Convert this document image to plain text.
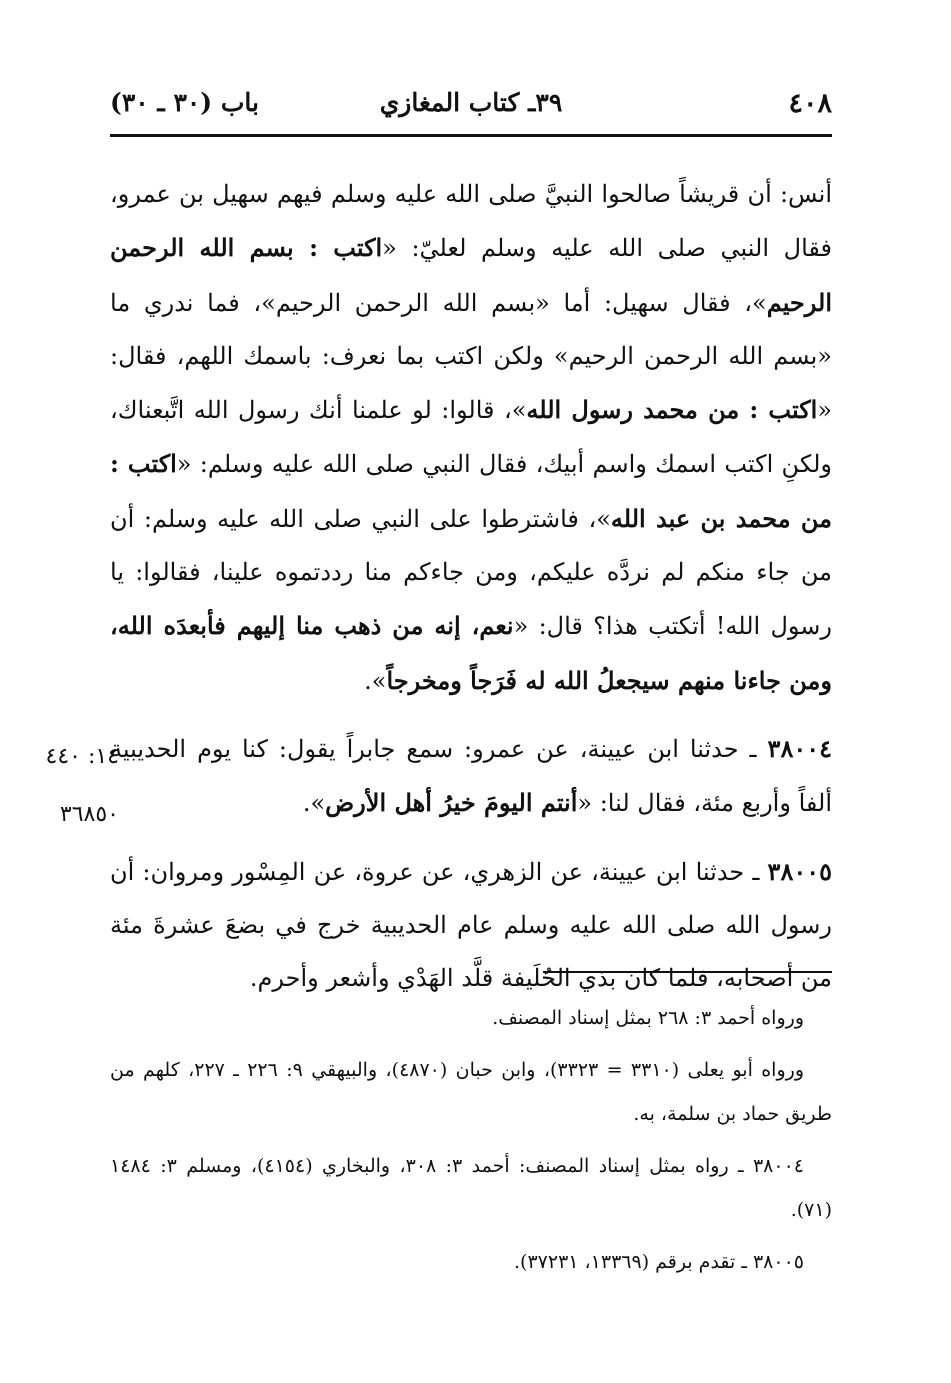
٤٠٨
٣٩ـ كتاب المغازي
باب (٣٠ ـ ٣٠)

أنس: أن قريشاً صالحوا النبيَّ صلى الله عليه وسلم فيهم سهيل بن عمرو، فقال النبي صلى الله عليه وسلم لعليّ: «اكتب : بسم الله الرحمن الرحيم»، فقال سهيل: أما «بسم الله الرحمن الرحيم»، فما ندري ما «بسم الله الرحمن الرحيم» ولكن اكتب بما نعرف: باسمك اللهم، فقال: «اكتب : من محمد رسول الله»، قالوا: لو علمنا أنك رسول الله اتَّبعناك، ولكنِ اكتب اسمك واسم أبيك، فقال النبي صلى الله عليه وسلم: «اكتب : من محمد بن عبد الله»، فاشترطوا على النبي صلى الله عليه وسلم: أن من جاء منكم لم نردَّه عليكم، ومن جاءكم منا رددتموه علينا، فقالوا: يا رسول الله! أتكتب هذا؟ قال: «نعم، إنه من ذهب منا إليهم فأبعدَه الله، ومن جاءنا منهم سيجعلُ الله له فَرَجاً ومخرجاً».

٣٨٠٠٤ ـ حدثنا ابن عيينة، عن عمرو: سمع جابراً يقول: كنا يوم الحديبية ألفاً وأربع مئة، فقال لنا: «أنتم اليومَ خيرُ أهل الأرض».

٣٨٠٠٥ ـ حدثنا ابن عيينة، عن الزهري، عن عروة، عن المِسْور ومروان: أن رسول الله صلى الله عليه وسلم عام الحديبية خرج في بضعَ عشرةَ مئة من أصحابه، فلما كان بذي الحُلَيفة قلَّد الهَدْي وأشعر وأحرم.

١٤: ٤٤٠
٣٦٨٥٠

ورواه أحمد ٣: ٢٦٨ بمثل إسناد المصنف.

ورواه أبو يعلى (٣٣١٠ = ٣٣٢٣)، وابن حبان (٤٨٧٠)، والبيهقي ٩: ٢٢٦ ـ ٢٢٧، كلهم من طريق حماد بن سلمة، به.

٣٨٠٠٤ ـ رواه بمثل إسناد المصنف: أحمد ٣: ٣٠٨، والبخاري (٤١٥٤)، ومسلم ٣: ١٤٨٤ (٧١).

٣٨٠٠٥ ـ تقدم برقم (١٣٣٦٩، ٣٧٢٣١).
